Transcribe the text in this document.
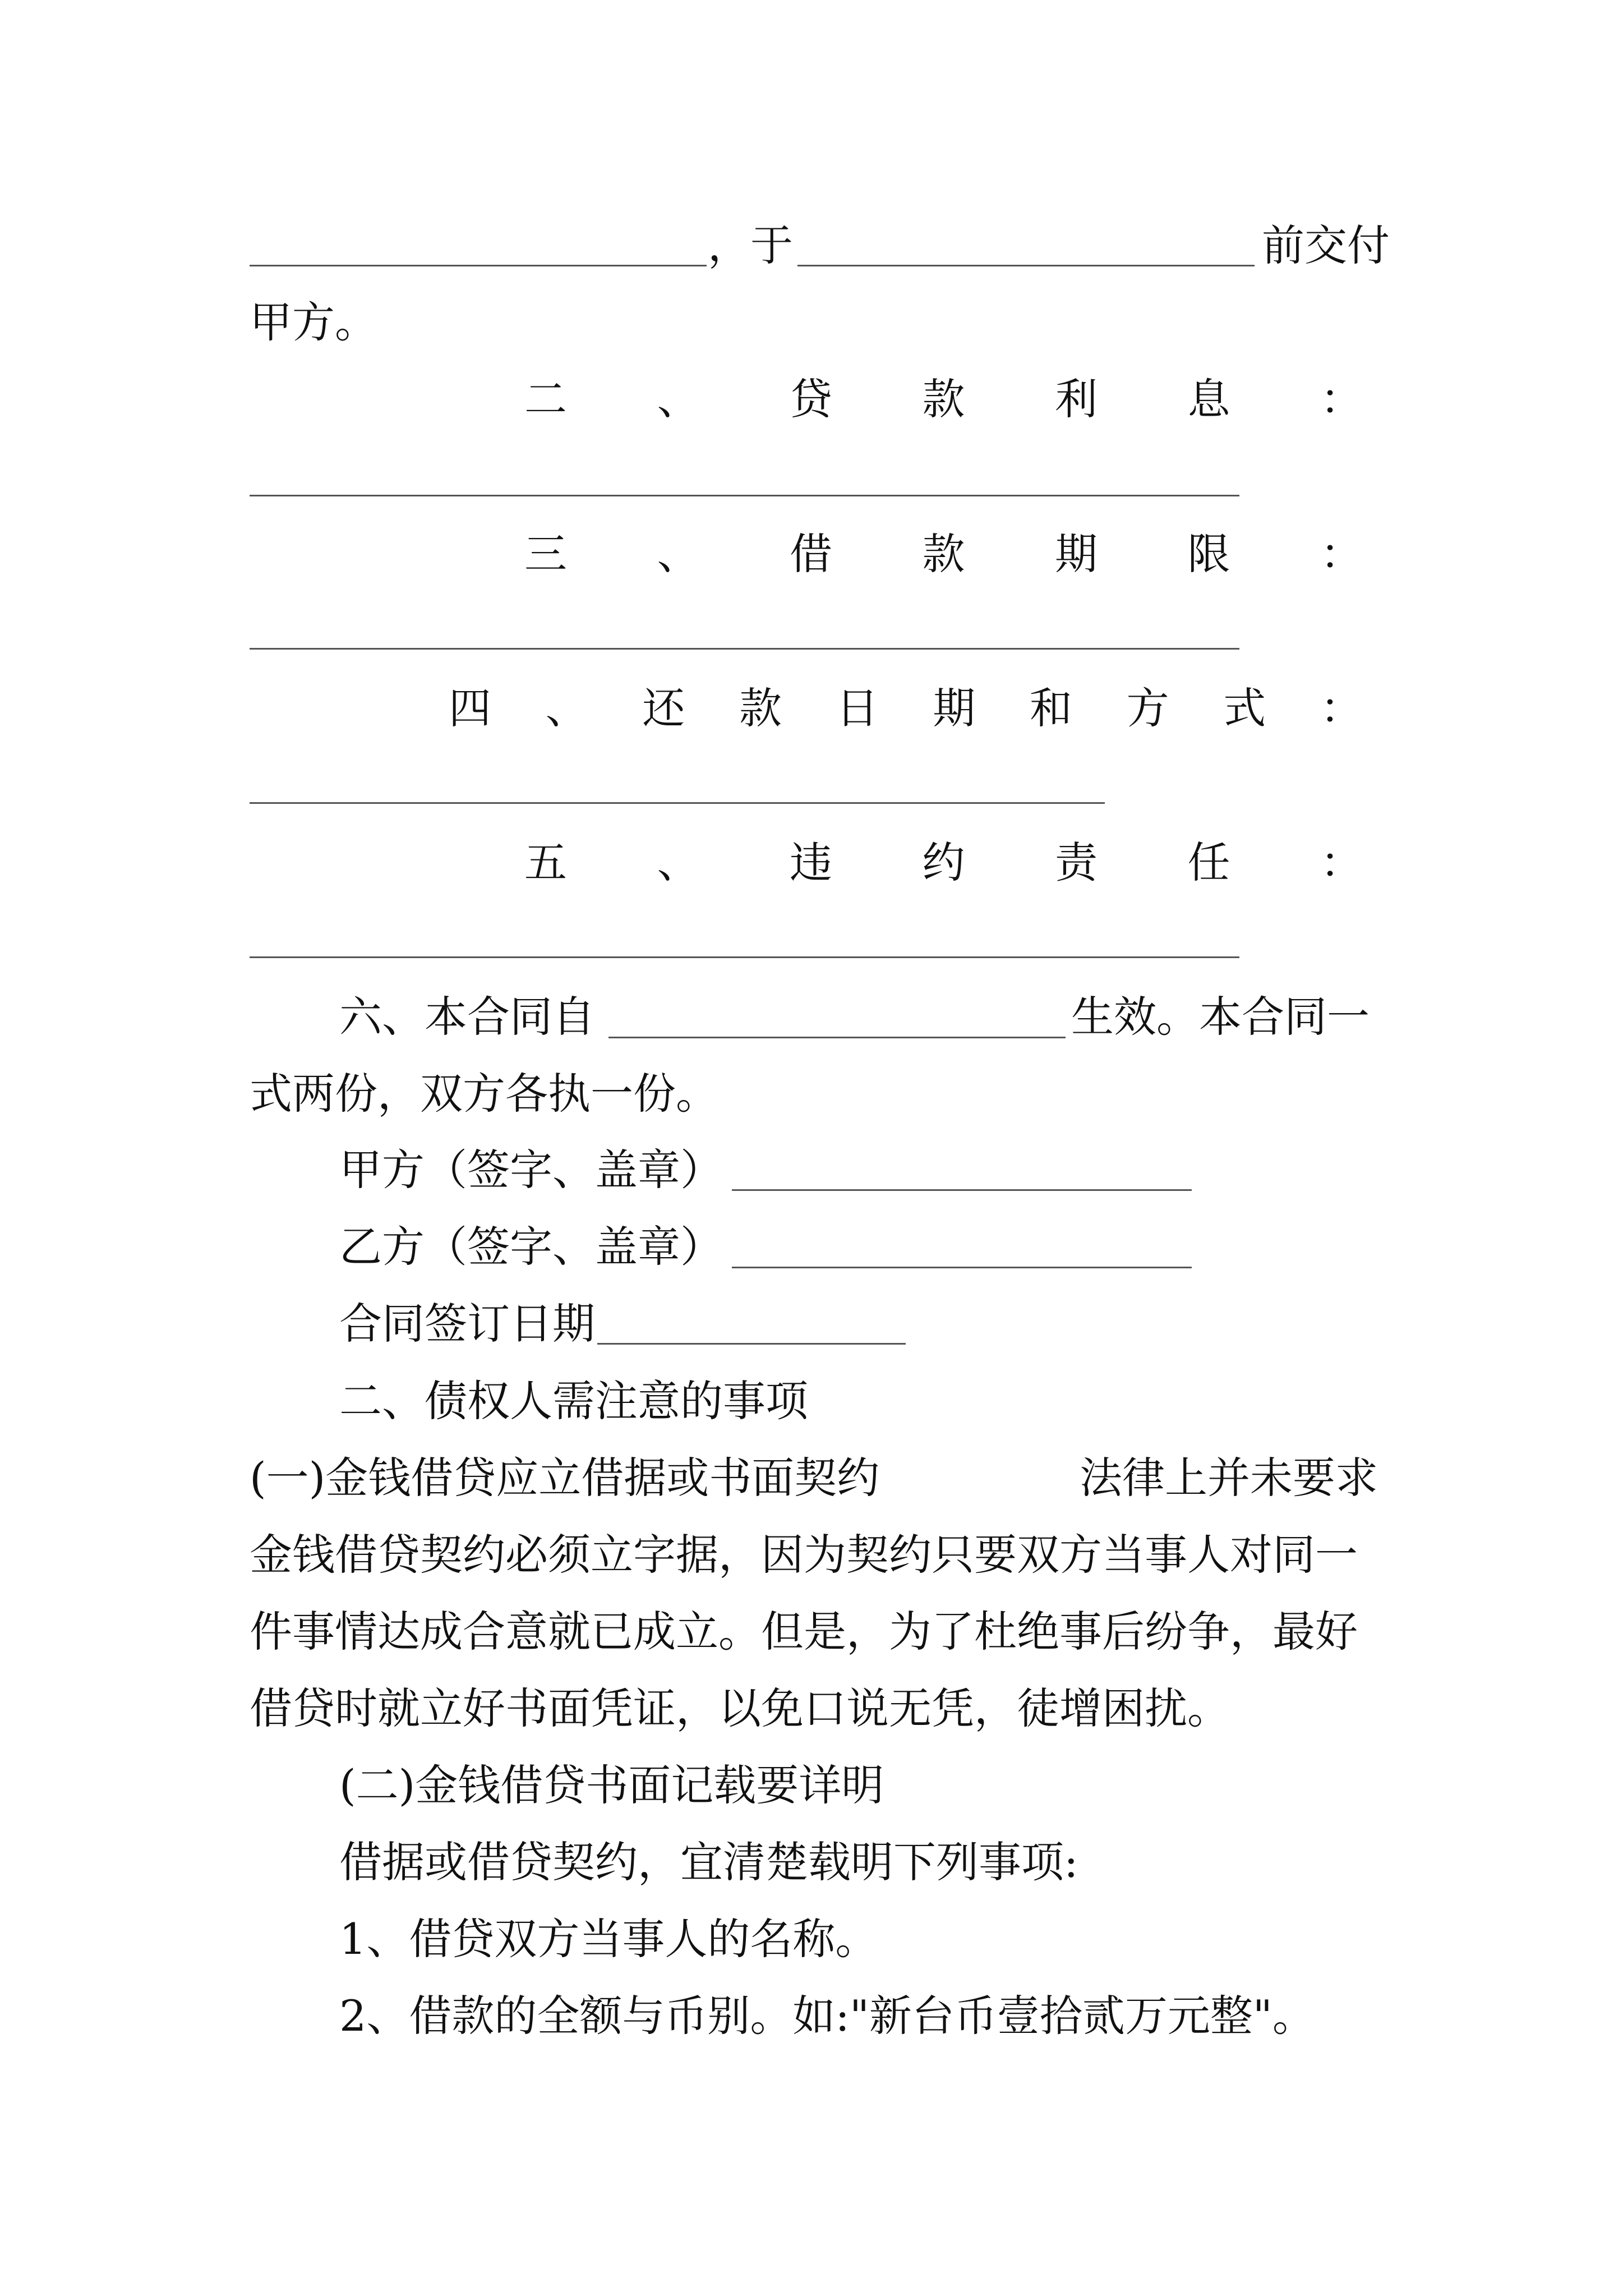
，于	前交付
甲方。
二 、 贷 款 利 息 ：
三 、 借 款 期 限 ：
四 、 还 款 日 期 和 方 式 ：
五 、 违 约 责 任 ：
六、本合同自	生效。本合同一
式两份，双方各执一份。
甲方（签字、盖章）
乙方（签字、盖章）
合同签订日期
二、债权人需注意的事项
(一)金钱借贷应立借据或书面契约	法律上并未要求
金钱借贷契约必须立字据，因为契约只要双方当事人对同一
件事情达成合意就已成立。但是，为了杜绝事后纷争，最好
借贷时就立好书面凭证，以免口说无凭，徒增困扰。
(二)金钱借贷书面记载要详明
借据或借贷契约，宜清楚载明下列事项:
1、借贷双方当事人的名称。
2、借款的全额与币别。如:"新台币壹拾贰万元整"。
